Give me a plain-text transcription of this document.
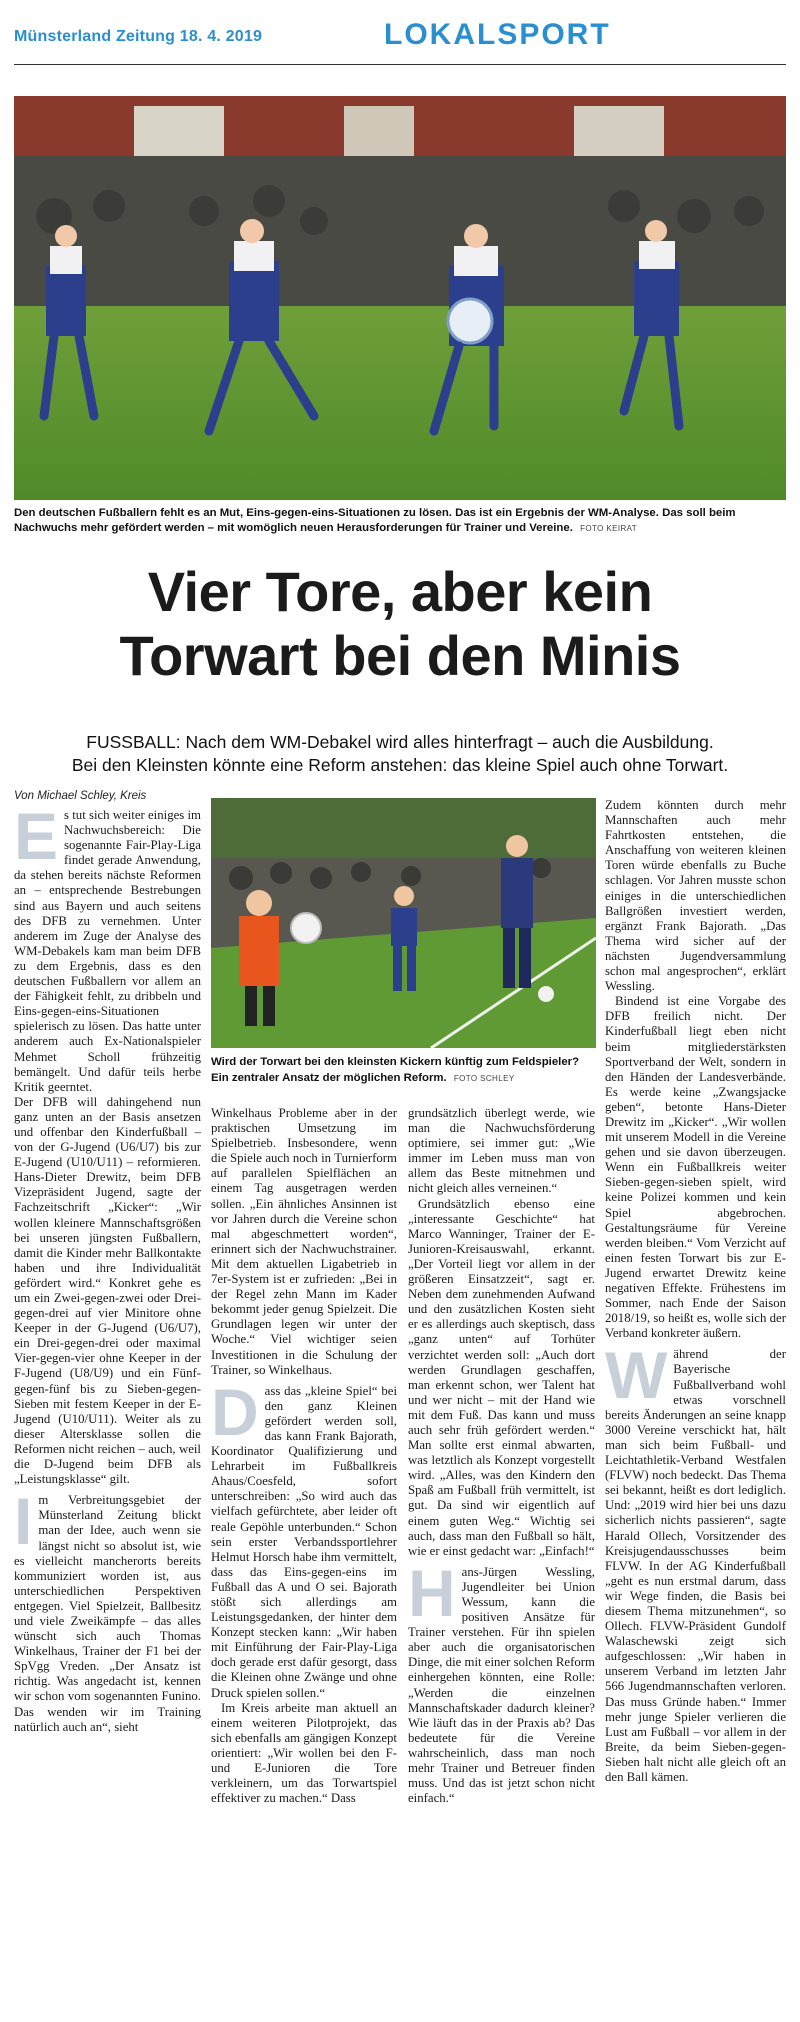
Münsterland Zeitung 18. 4. 2019	LOKALSPORT
Den deutschen Fußballern fehlt es an Mut, Eins-gegen-eins-Situationen zu lösen. Das ist ein Ergebnis der WM-Analyse. Das soll beim Nachwuchs mehr gefördert werden – mit womöglich neuen Herausforderungen für Trainer und Vereine. FOTO KEIRAT
Vier Tore, aber kein
Torwart bei den Minis
FUSSBALL: Nach dem WM-Debakel wird alles hinterfragt – auch die Ausbildung.
Bei den Kleinsten könnte eine Reform anstehen: das kleine Spiel auch ohne Torwart.
Von Michael Schley, Kreis
Wird der Torwart bei den kleinsten Kickern künftig zum Feldspieler? Ein zentraler Ansatz der möglichen Reform. FOTO SCHLEY

Es tut sich weiter einiges im Nachwuchsbereich: Die sogenannte Fair-Play-Liga findet gerade Anwendung, da stehen bereits nächste Reformen an – entsprechende Bestrebungen sind aus Bayern und auch seitens des DFB zu vernehmen. Unter anderem im Zuge der Analyse des WM-Debakels kam man beim DFB zu dem Ergebnis, dass es den deutschen Fußballern vor allem an der Fähigkeit fehlt, zu dribbeln und Eins-gegen-eins-Situationen spielerisch zu lösen. Das hatte unter anderem auch Ex-Nationalspieler Mehmet Scholl frühzeitig bemängelt. Und dafür teils herbe Kritik geerntet.

Der DFB will dahingehend nun ganz unten an der Basis ansetzen und offenbar den Kinderfußball – von der G-Jugend (U6/U7) bis zur E-Jugend (U10/U11) – reformieren. Hans-Dieter Drewitz, beim DFB Vizepräsident Jugend, sagte der Fachzeitschrift „Kicker“: „Wir wollen kleinere Mannschaftsgrößen bei unseren jüngsten Fußballern, damit die Kinder mehr Ballkontakte haben und ihre Individualität gefördert wird.“ Konkret gehe es um ein Zwei-gegen-zwei oder Drei-gegen-drei auf vier Minitore ohne Keeper in der G-Jugend (U6/U7), ein Drei-gegen-drei oder maximal Vier-gegen-vier ohne Keeper in der F-Jugend (U8/U9) und ein Fünf-gegen-fünf bis zu Sieben-gegen-Sieben mit festem Keeper in der E-Jugend (U10/U11). Weiter als zu dieser Altersklasse sollen die Reformen nicht reichen – auch, weil die D-Jugend beim DFB als „Leistungsklasse“ gilt.

Im Verbreitungsgebiet der Münsterland Zeitung blickt man der Idee, auch wenn sie längst nicht so absolut ist, wie es vielleicht mancherorts bereits kommuniziert worden ist, aus unterschiedlichen Perspektiven entgegen. Viel Spielzeit, Ballbesitz und viele Zweikämpfe – das alles wünscht sich auch Thomas Winkelhaus, Trainer der F1 bei der SpVgg Vreden. „Der Ansatz ist richtig. Was angedacht ist, kennen wir schon vom sogenannten Funino. Das wenden wir im Training natürlich auch an“, sieht

Winkelhaus Probleme aber in der praktischen Umsetzung im Spielbetrieb. Insbesondere, wenn die Spiele auch noch in Turnierform auf parallelen Spielflächen an einem Tag ausgetragen werden sollen. „Ein ähnliches Ansinnen ist vor Jahren durch die Vereine schon mal abgeschmettert worden“, erinnert sich der Nachwuchstrainer. Mit dem aktuellen Ligabetrieb in 7er-System ist er zufrieden: „Bei in der Regel zehn Mann im Kader bekommt jeder genug Spielzeit. Die Grundlagen legen wir unter der Woche.“ Viel wichtiger seien Investitionen in die Schulung der Trainer, so Winkelhaus.

Dass das „kleine Spiel“ bei den ganz Kleinen gefördert werden soll, das kann Frank Bajorath, Koordinator Qualifizierung und Lehrarbeit im Fußballkreis Ahaus/Coesfeld, sofort unterschreiben: „So wird auch das vielfach gefürchtete, aber leider oft reale Gepöhle unterbunden.“ Schon sein erster Verbandssportlehrer Helmut Horsch habe ihm vermittelt, dass das Eins-gegen-eins im Fußball das A und O sei. Bajorath stößt sich allerdings am Leistungsgedanken, der hinter dem Konzept stecken kann: „Wir haben mit Einführung der Fair-Play-Liga doch gerade erst dafür gesorgt, dass die Kleinen ohne Zwänge und ohne Druck spielen sollen.“

Im Kreis arbeite man aktuell an einem weiteren Pilotprojekt, das sich ebenfalls am gängigen Konzept orientiert: „Wir wollen bei den F- und E-Junioren die Tore verkleinern, um das Torwartspiel effektiver zu machen.“ Dass

grundsätzlich überlegt werde, wie man die Nachwuchsförderung optimiere, sei immer gut: „Wie immer im Leben muss man von allem das Beste mitnehmen und nicht gleich alles verneinen.“

Grundsätzlich ebenso eine „interessante Geschichte“ hat Marco Wanninger, Trainer der E-Junioren-Kreisauswahl, erkannt. „Der Vorteil liegt vor allem in der größeren Einsatzzeit“, sagt er. Neben dem zunehmenden Aufwand und den zusätzlichen Kosten sieht er es allerdings auch skeptisch, dass „ganz unten“ auf Torhüter verzichtet werden soll: „Auch dort werden Grundlagen geschaffen, man erkennt schon, wer Talent hat und wer nicht – mit der Hand wie mit dem Fuß. Das kann und muss auch sehr früh gefördert werden.“ Man sollte erst einmal abwarten, was letztlich als Konzept vorgestellt wird. „Alles, was den Kindern den Spaß am Fußball früh vermittelt, ist gut. Da sind wir eigentlich auf einem guten Weg.“ Wichtig sei auch, dass man den Fußball so hält, wie er einst gedacht war: „Einfach!“

Hans-Jürgen Wessling, Jugendleiter bei Union Wessum, kann die positiven Ansätze für Trainer verstehen. Für ihn spielen aber auch die organisatorischen Dinge, die mit einer solchen Reform einhergehen könnten, eine Rolle: „Werden die einzelnen Mannschaftskader dadurch kleiner? Wie läuft das in der Praxis ab? Das bedeutete für die Vereine wahrscheinlich, dass man noch mehr Trainer und Betreuer finden muss. Und das ist jetzt schon nicht einfach.“

Zudem könnten durch mehr Mannschaften auch mehr Fahrtkosten entstehen, die Anschaffung von weiteren kleinen Toren würde ebenfalls zu Buche schlagen. Vor Jahren musste schon einiges in die unterschiedlichen Ballgrößen investiert werden, ergänzt Frank Bajorath. „Das Thema wird sicher auf der nächsten Jugendversammlung schon mal angesprochen“, erklärt Wessling.

Bindend ist eine Vorgabe des DFB freilich nicht. Der Kinderfußball liegt eben nicht beim mitgliederstärksten Sportverband der Welt, sondern in den Händen der Landesverbände. Es werde keine „Zwangsjacke geben“, betonte Hans-Dieter Drewitz im „Kicker“. „Wir wollen mit unserem Modell in die Vereine gehen und sie davon überzeugen. Wenn ein Fußballkreis weiter Sieben-gegen-sieben spielt, wird keine Polizei kommen und kein Spiel abgebrochen. Gestaltungsräume für Vereine werden bleiben.“ Vom Verzicht auf einen festen Torwart bis zur E-Jugend erwartet Drewitz keine negativen Effekte. Frühestens im Sommer, nach Ende der Saison 2018/19, so heißt es, wolle sich der Verband konkreter äußern.

Während der Bayerische Fußballverband wohl etwas vorschnell bereits Änderungen an seine knapp 3000 Vereine verschickt hat, hält man sich beim Fußball- und Leichtathletik-Verband Westfalen (FLVW) noch bedeckt. Das Thema sei bekannt, heißt es dort lediglich. Und: „2019 wird hier bei uns dazu sicherlich nichts passieren“, sagte Harald Ollech, Vorsitzender des Kreisjugendausschusses beim FLVW. In der AG Kinderfußball „geht es nun erstmal darum, dass wir Wege finden, die Basis bei diesem Thema mitzunehmen“, so Ollech. FLVW-Präsident Gundolf Walaschewski zeigt sich aufgeschlossen: „Wir haben in unserem Verband im letzten Jahr 566 Jugendmannschaften verloren. Das muss Gründe haben.“ Immer mehr junge Spieler verlieren die Lust am Fußball – vor allem in der Breite, da beim Sieben-gegen-Sieben halt nicht alle gleich oft an den Ball kämen.
